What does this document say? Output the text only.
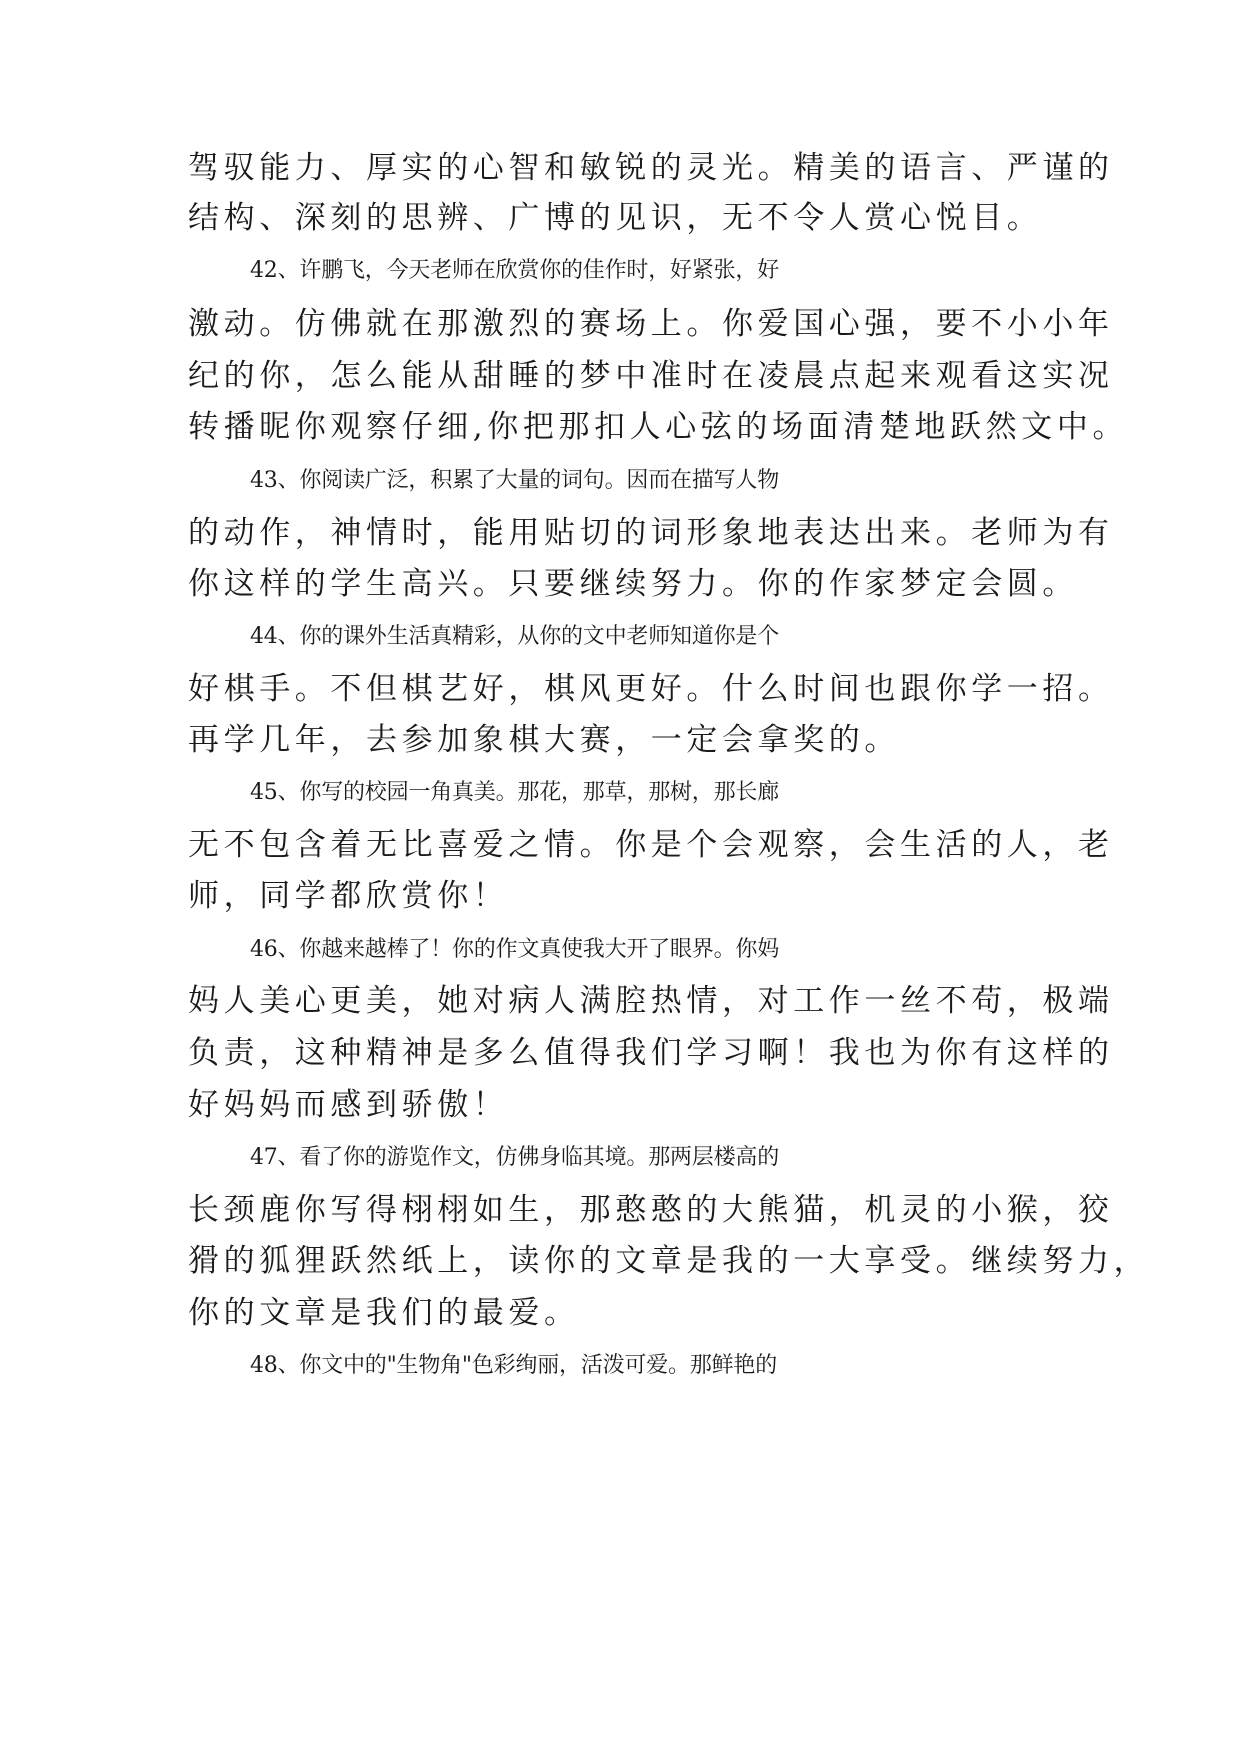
驾驭能力、厚实的心智和敏锐的灵光。精美的语言、严谨的

结构、深刻的思辨、广博的见识，无不令人赏心悦目。

42、许鹏飞，今天老师在欣赏你的佳作时，好紧张，好

激动。仿佛就在那激烈的赛场上。你爱国心强，要不小小年

纪的你，怎么能从甜睡的梦中准时在凌晨点起来观看这实况

转播昵你观察仔细,你把那扣人心弦的场面清楚地跃然文中。

43、你阅读广泛，积累了大量的词句。因而在描写人物

的动作，神情时，能用贴切的词形象地表达出来。老师为有

你这样的学生高兴。只要继续努力。你的作家梦定会圆。

44、你的课外生活真精彩，从你的文中老师知道你是个

好棋手。不但棋艺好，棋风更好。什么时间也跟你学一招。

再学几年，去参加象棋大赛，一定会拿奖的。

45、你写的校园一角真美。那花，那草，那树，那长廊

无不包含着无比喜爱之情。你是个会观察，会生活的人，老

师，同学都欣赏你！

46、你越来越棒了！你的作文真使我大开了眼界。你妈

妈人美心更美，她对病人满腔热情，对工作一丝不苟，极端

负责，这种精神是多么值得我们学习啊！我也为你有这样的

好妈妈而感到骄傲！

47、看了你的游览作文，仿佛身临其境。那两层楼高的

长颈鹿你写得栩栩如生，那憨憨的大熊猫，机灵的小猴，狡

猾的狐狸跃然纸上，读你的文章是我的一大享受。继续努力，

你的文章是我们的最爱。

48、你文中的"生物角"色彩绚丽，活泼可爱。那鲜艳的
